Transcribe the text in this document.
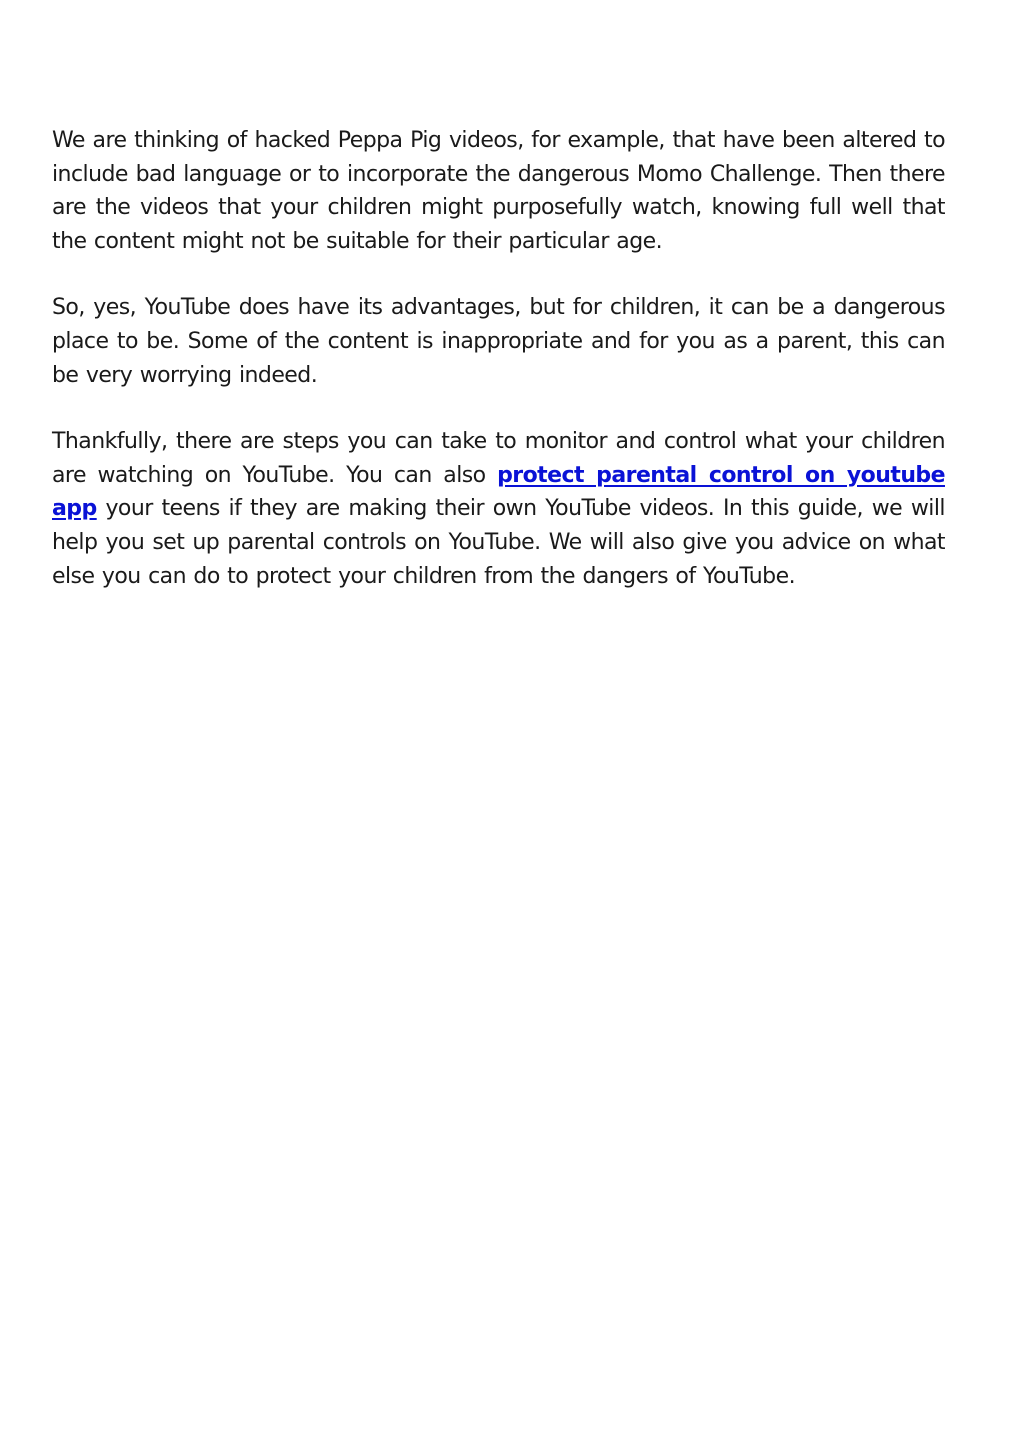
We are thinking of hacked Peppa Pig videos, for example, that have been altered to include bad language or to incorporate the dangerous Momo Challenge. Then there are the videos that your children might purposefully watch, knowing full well that the content might not be suitable for their particular age.

So, yes, YouTube does have its advantages, but for children, it can be a dangerous place to be. Some of the content is inappropriate and for you as a parent, this can be very worrying indeed.

Thankfully, there are steps you can take to monitor and control what your children are watching on YouTube. You can also protect parental control on youtube app your teens if they are making their own YouTube videos. In this guide, we will help you set up parental controls on YouTube. We will also give you advice on what else you can do to protect your children from the dangers of YouTube.
